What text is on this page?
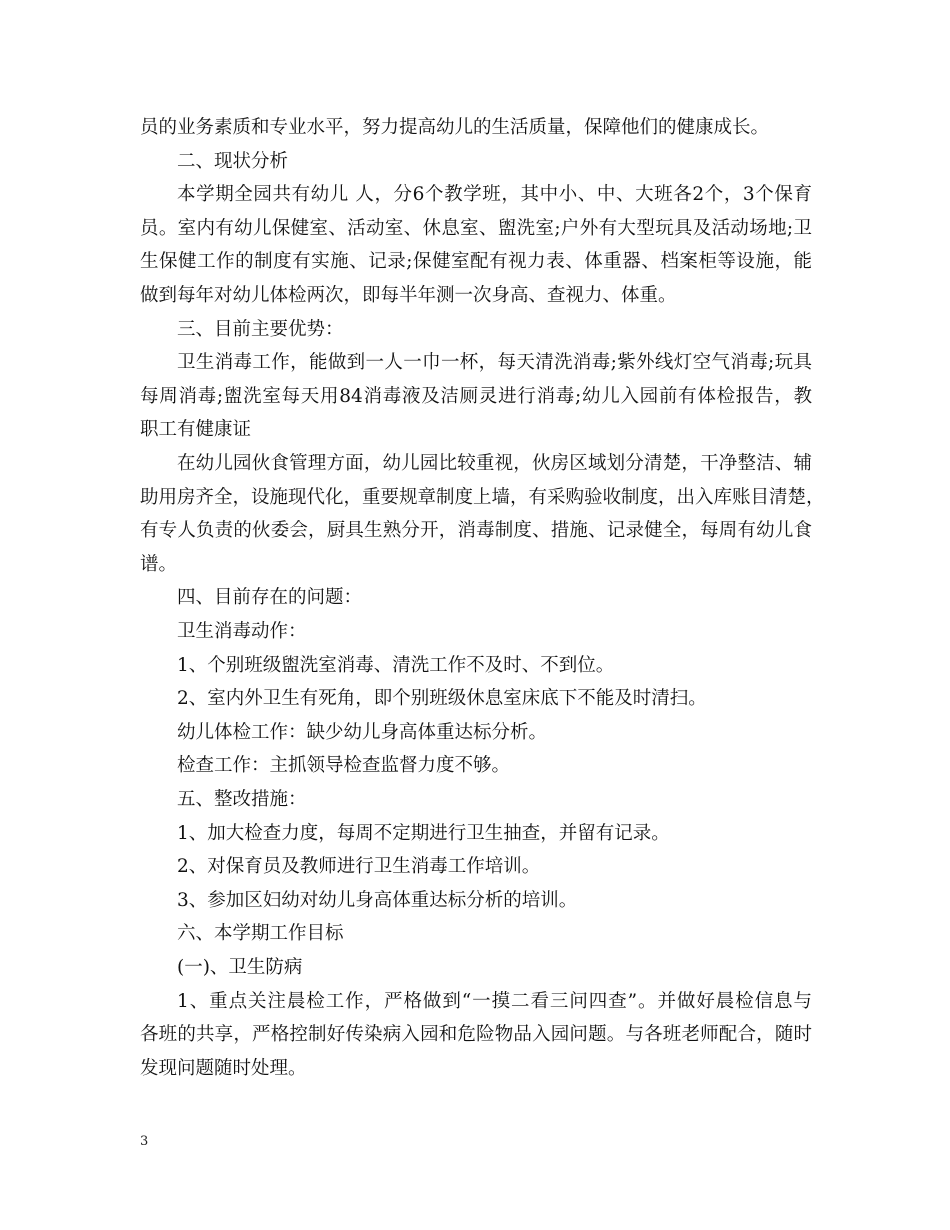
员的业务素质和专业水平，努力提高幼儿的生活质量，保障他们的健康成长。
二、现状分析
本学期全园共有幼儿 人，分6个教学班，其中小、中、大班各2个，3个保育
员。室内有幼儿保健室、活动室、休息室、盥洗室;户外有大型玩具及活动场地;卫
生保健工作的制度有实施、记录;保健室配有视力表、体重器、档案柜等设施，能
做到每年对幼儿体检两次，即每半年测一次身高、查视力、体重。
三、目前主要优势：
卫生消毒工作，能做到一人一巾一杯，每天清洗消毒;紫外线灯空气消毒;玩具
每周消毒;盥洗室每天用84消毒液及洁厕灵进行消毒;幼儿入园前有体检报告，教
职工有健康证
在幼儿园伙食管理方面，幼儿园比较重视，伙房区域划分清楚，干净整洁、辅
助用房齐全，设施现代化，重要规章制度上墙，有采购验收制度，出入库账目清楚，
有专人负责的伙委会，厨具生熟分开，消毒制度、措施、记录健全，每周有幼儿食
谱。
四、目前存在的问题：
卫生消毒动作：
1、个别班级盥洗室消毒、清洗工作不及时、不到位。
2、室内外卫生有死角，即个别班级休息室床底下不能及时清扫。
幼儿体检工作：缺少幼儿身高体重达标分析。
检查工作：主抓领导检查监督力度不够。
五、整改措施：
1、加大检查力度，每周不定期进行卫生抽查，并留有记录。
2、对保育员及教师进行卫生消毒工作培训。
3、参加区妇幼对幼儿身高体重达标分析的培训。
六、本学期工作目标
(一)、卫生防病
1、重点关注晨检工作，严格做到“一摸二看三问四查”。并做好晨检信息与
各班的共享，严格控制好传染病入园和危险物品入园问题。与各班老师配合，随时
发现问题随时处理。
3
